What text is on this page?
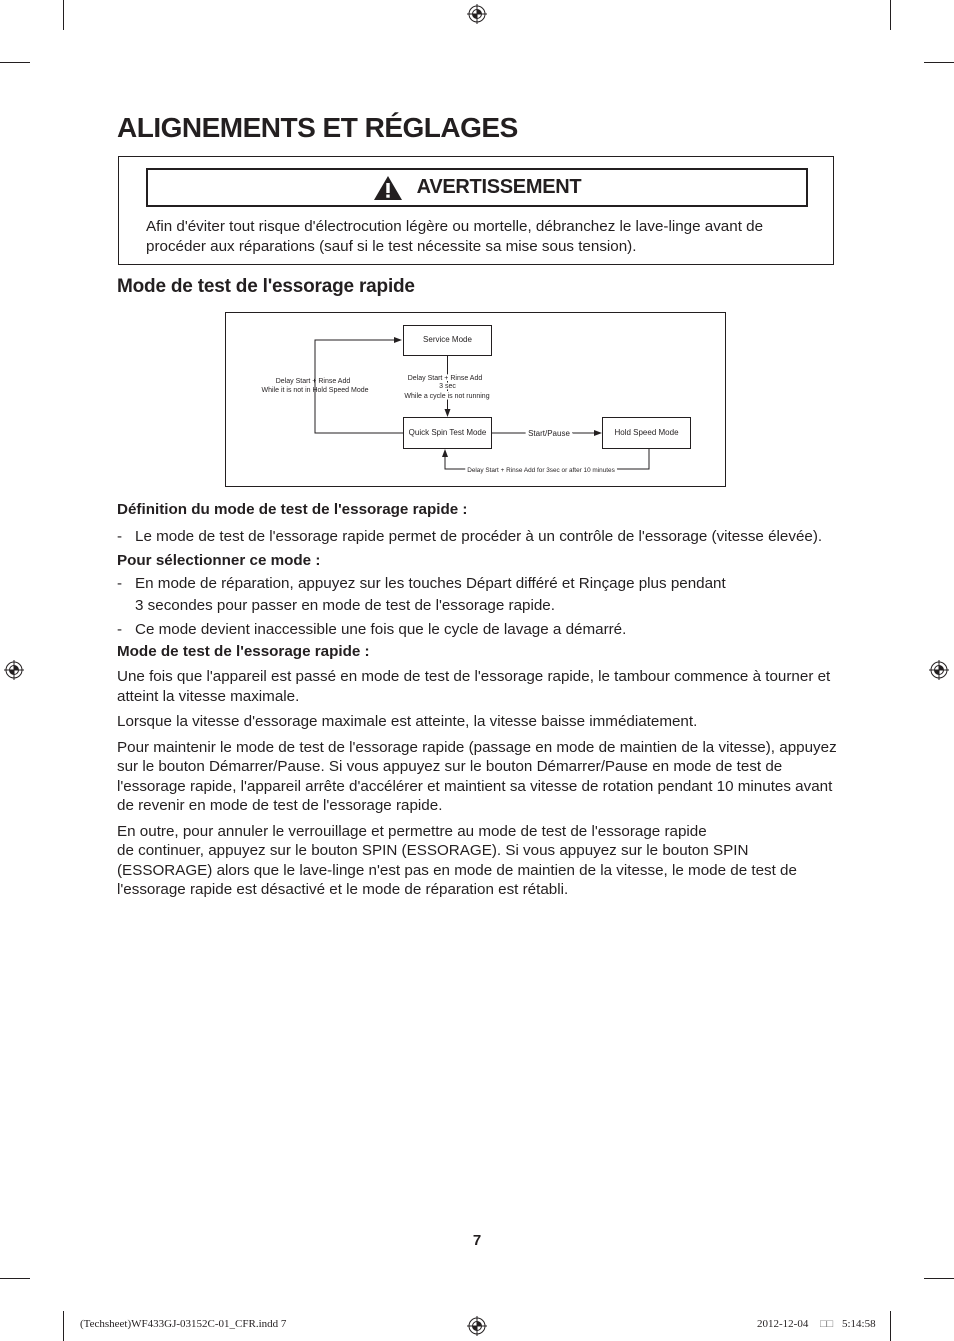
ALIGNEMENTS ET RÉGLAGES
AVERTISSEMENT

Afin d'éviter tout risque d'électrocution légère ou mortelle, débranchez le lave-linge avant de procéder aux réparations (sauf si le test nécessite sa mise sous tension).

Mode de test de l'essorage rapide
Service Mode
Quick Spin Test Mode	Hold Speed Mode
Delay Start + Rinse Add
While it is not in Hold Speed Mode
Delay Start + Rinse Add
3 sec
While a cycle is not running
Start/Pause
Delay Start + Rinse Add for 3sec or after 10 minutes

Définition du mode de test de l'essorage rapide :

- Le mode de test de l'essorage rapide permet de procéder à un contrôle de l'essorage (vitesse élevée).

Pour sélectionner ce mode :

- En mode de réparation, appuyez sur les touches Départ différé et Rinçage plus pendant
3 secondes pour passer en mode de test de l'essorage rapide.
- Ce mode devient inaccessible une fois que le cycle de lavage a démarré.

Mode de test de l'essorage rapide :

Une fois que l'appareil est passé en mode de test de l'essorage rapide, le tambour commence à tourner et atteint la vitesse maximale.

Lorsque la vitesse d'essorage maximale est atteinte, la vitesse baisse immédiatement.

Pour maintenir le mode de test de l'essorage rapide (passage en mode de maintien de la vitesse), appuyez sur le bouton Démarrer/Pause. Si vous appuyez sur le bouton Démarrer/Pause en mode de test de l'essorage rapide, l'appareil arrête d'accélérer et maintient sa vitesse de rotation pendant 10 minutes avant de revenir en mode de test de l'essorage rapide.

En outre, pour annuler le verrouillage et permettre au mode de test de l'essorage rapide
de continuer, appuyez sur le bouton SPIN (ESSORAGE). Si vous appuyez sur le bouton SPIN (ESSORAGE) alors que le lave-linge n'est pas en mode de maintien de la vitesse, le mode de test de l'essorage rapide est désactivé et le mode de réparation est rétabli.

7
(Techsheet)WF433GJ-03152C-01_CFR.indd 7	2012-12-04 □□ 5:14:58
